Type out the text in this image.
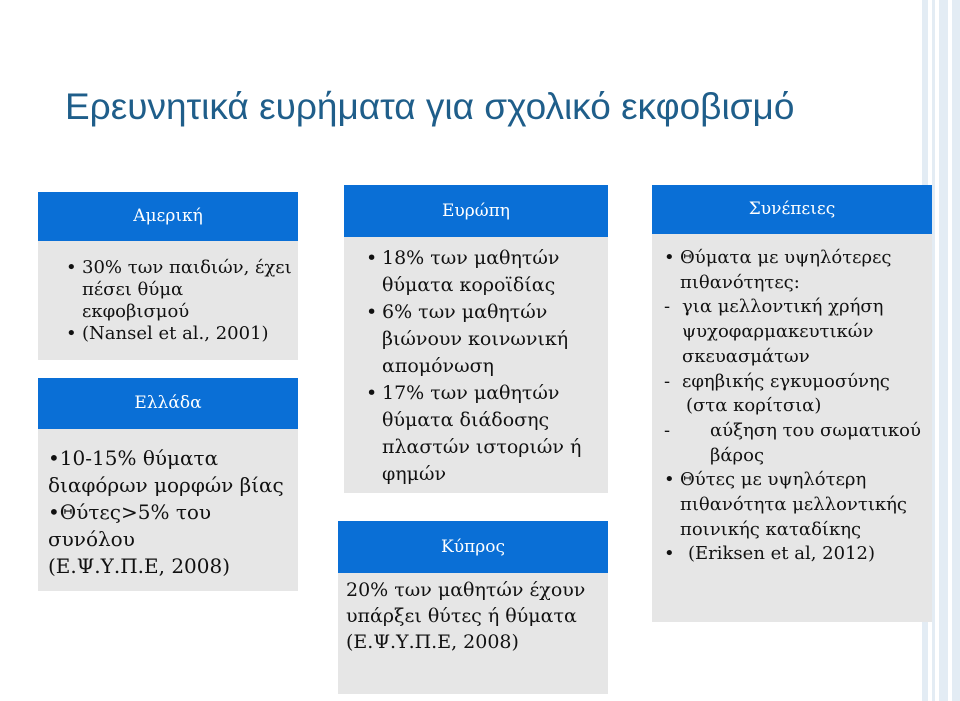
Ερευνητικά ευρήματα για σχολικό εκφοβισμό
Αμερική
• 30% των παιδιών, έχει πέσει θύμα εκφοβισμού
• (Nansel et al., 2001)
Ελλάδα
•10-15% θύματα διαφόρων μορφών βίας
•Θύτες>5% του συνόλου
(Ε.Ψ.Υ.Π.Ε, 2008)
Ευρώπη
• 18% των μαθητών θύματα κοροϊδίας
• 6% των μαθητών βιώνουν κοινωνική απομόνωση
• 17% των μαθητών θύματα διάδοσης πλαστών ιστοριών ή φημών
Κύπρος
20% των μαθητών έχουν υπάρξει θύτες ή θύματα
(Ε.Ψ.Υ.Π.Ε, 2008)
Συνέπειες
• Θύματα με υψηλότερες πιθανότητες:
- για μελλοντική χρήση ψυχοφαρμακευτικών σκευασμάτων
- εφηβικής εγκυμοσύνης
(στα κορίτσια)
- αύξηση του σωματικού βάρος
• Θύτες με υψηλότερη πιθανότητα μελλοντικής ποινικής καταδίκης
• (Eriksen et al, 2012)
